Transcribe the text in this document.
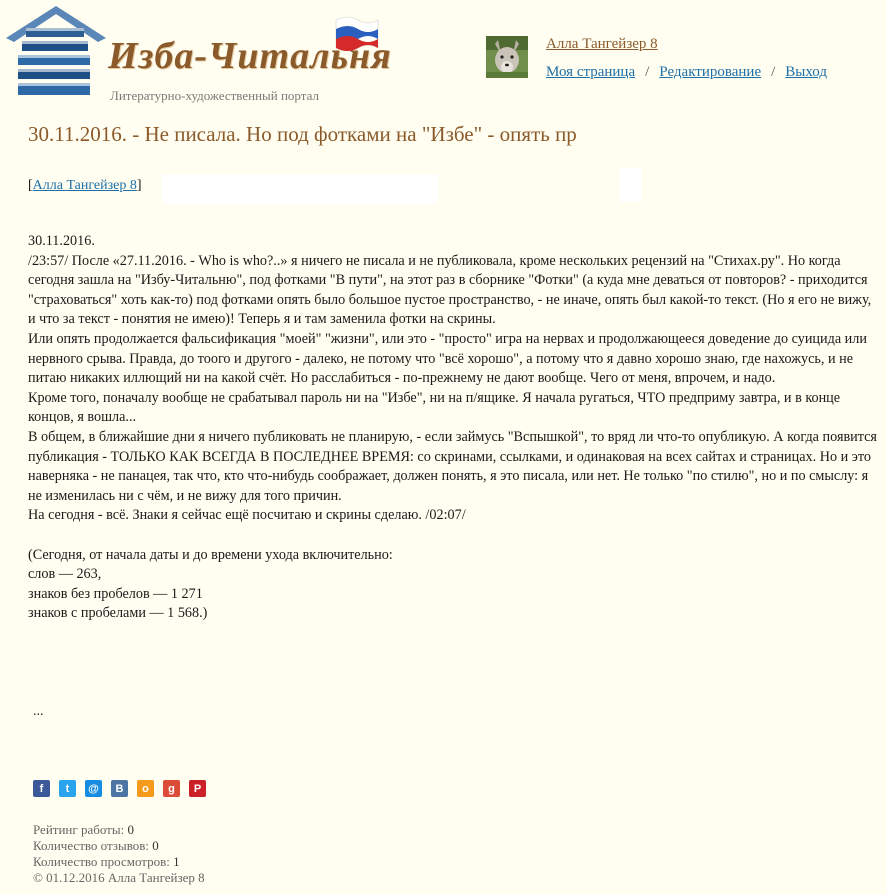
Изба-Читальня
Литературно-художественный портал
Алла Тангейзер 8
Моя страница / Редактирование / Выход
30.11.2016. - Не писала. Но под фотками на "Избе" - опять пр
[Алла Тангейзер 8]

30.11.2016.

/23:57/ После «27.11.2016. - Who is who?..» я ничего не писала и не публиковала, кроме нескольких рецензий на "Стихах.ру". Но когда сегодня зашла на "Избу-Читальню", под фотками "В пути", на этот раз в сборнике "Фотки" (а куда мне деваться от повторов? - приходится "страховаться" хоть как-то) под фотками опять было большое пустое пространство, - не иначе, опять был какой-то текст. (Но я его не вижу, и что за текст - понятия не имею)! Теперь я и там заменила фотки на скрины.

Или опять продолжается фальсификация "моей" "жизни", или это - "просто" игра на нервах и продолжающееся доведение до суицида или нервного срыва. Правда, до тоого и другого - далеко, не потому что "всё хорошо", а потому что я давно хорошо знаю, где нахожусь, и не питаю никаких иллющий ни на какой счёт. Но расслабиться - по-прежнему не дают вообще. Чего от меня, впрочем, и надо.

Кроме того, поначалу вообще не срабатывал пароль ни на "Избе", ни на п/ящике. Я начала ругаться, ЧТО предприму завтра, и в конце концов, я вошла...

В общем, в ближайшие дни я ничего публиковать не планирую, - если займусь "Вспышкой", то вряд ли что-то опубликую. А когда появится публикация - ТОЛЬКО КАК ВСЕГДА В ПОСЛЕДНЕЕ ВРЕМЯ: со скринами, ссылками, и одинаковая на всех сайтах и страницах. Но и это наверняка - не панацея, так что, кто что-нибудь соображает, должен понять, я это писала, или нет. Не только "по стилю", но и по смыслу: я не изменилась ни с чём, и не вижу для того причин.

На сегодня - всё. Знаки я сейчас ещё посчитаю и скрины сделаю. /02:07/

(Сегодня, от начала даты и до времени ухода включительно:

слов — 263,

знаков без пробелов — 1 271

знаков с пробелами — 1 568.)

...
f	t	@	B	o	g	P
Рейтинг работы: 0
Количество отзывов: 0
Количество просмотров: 1
© 01.12.2016 Алла Тангейзер 8
